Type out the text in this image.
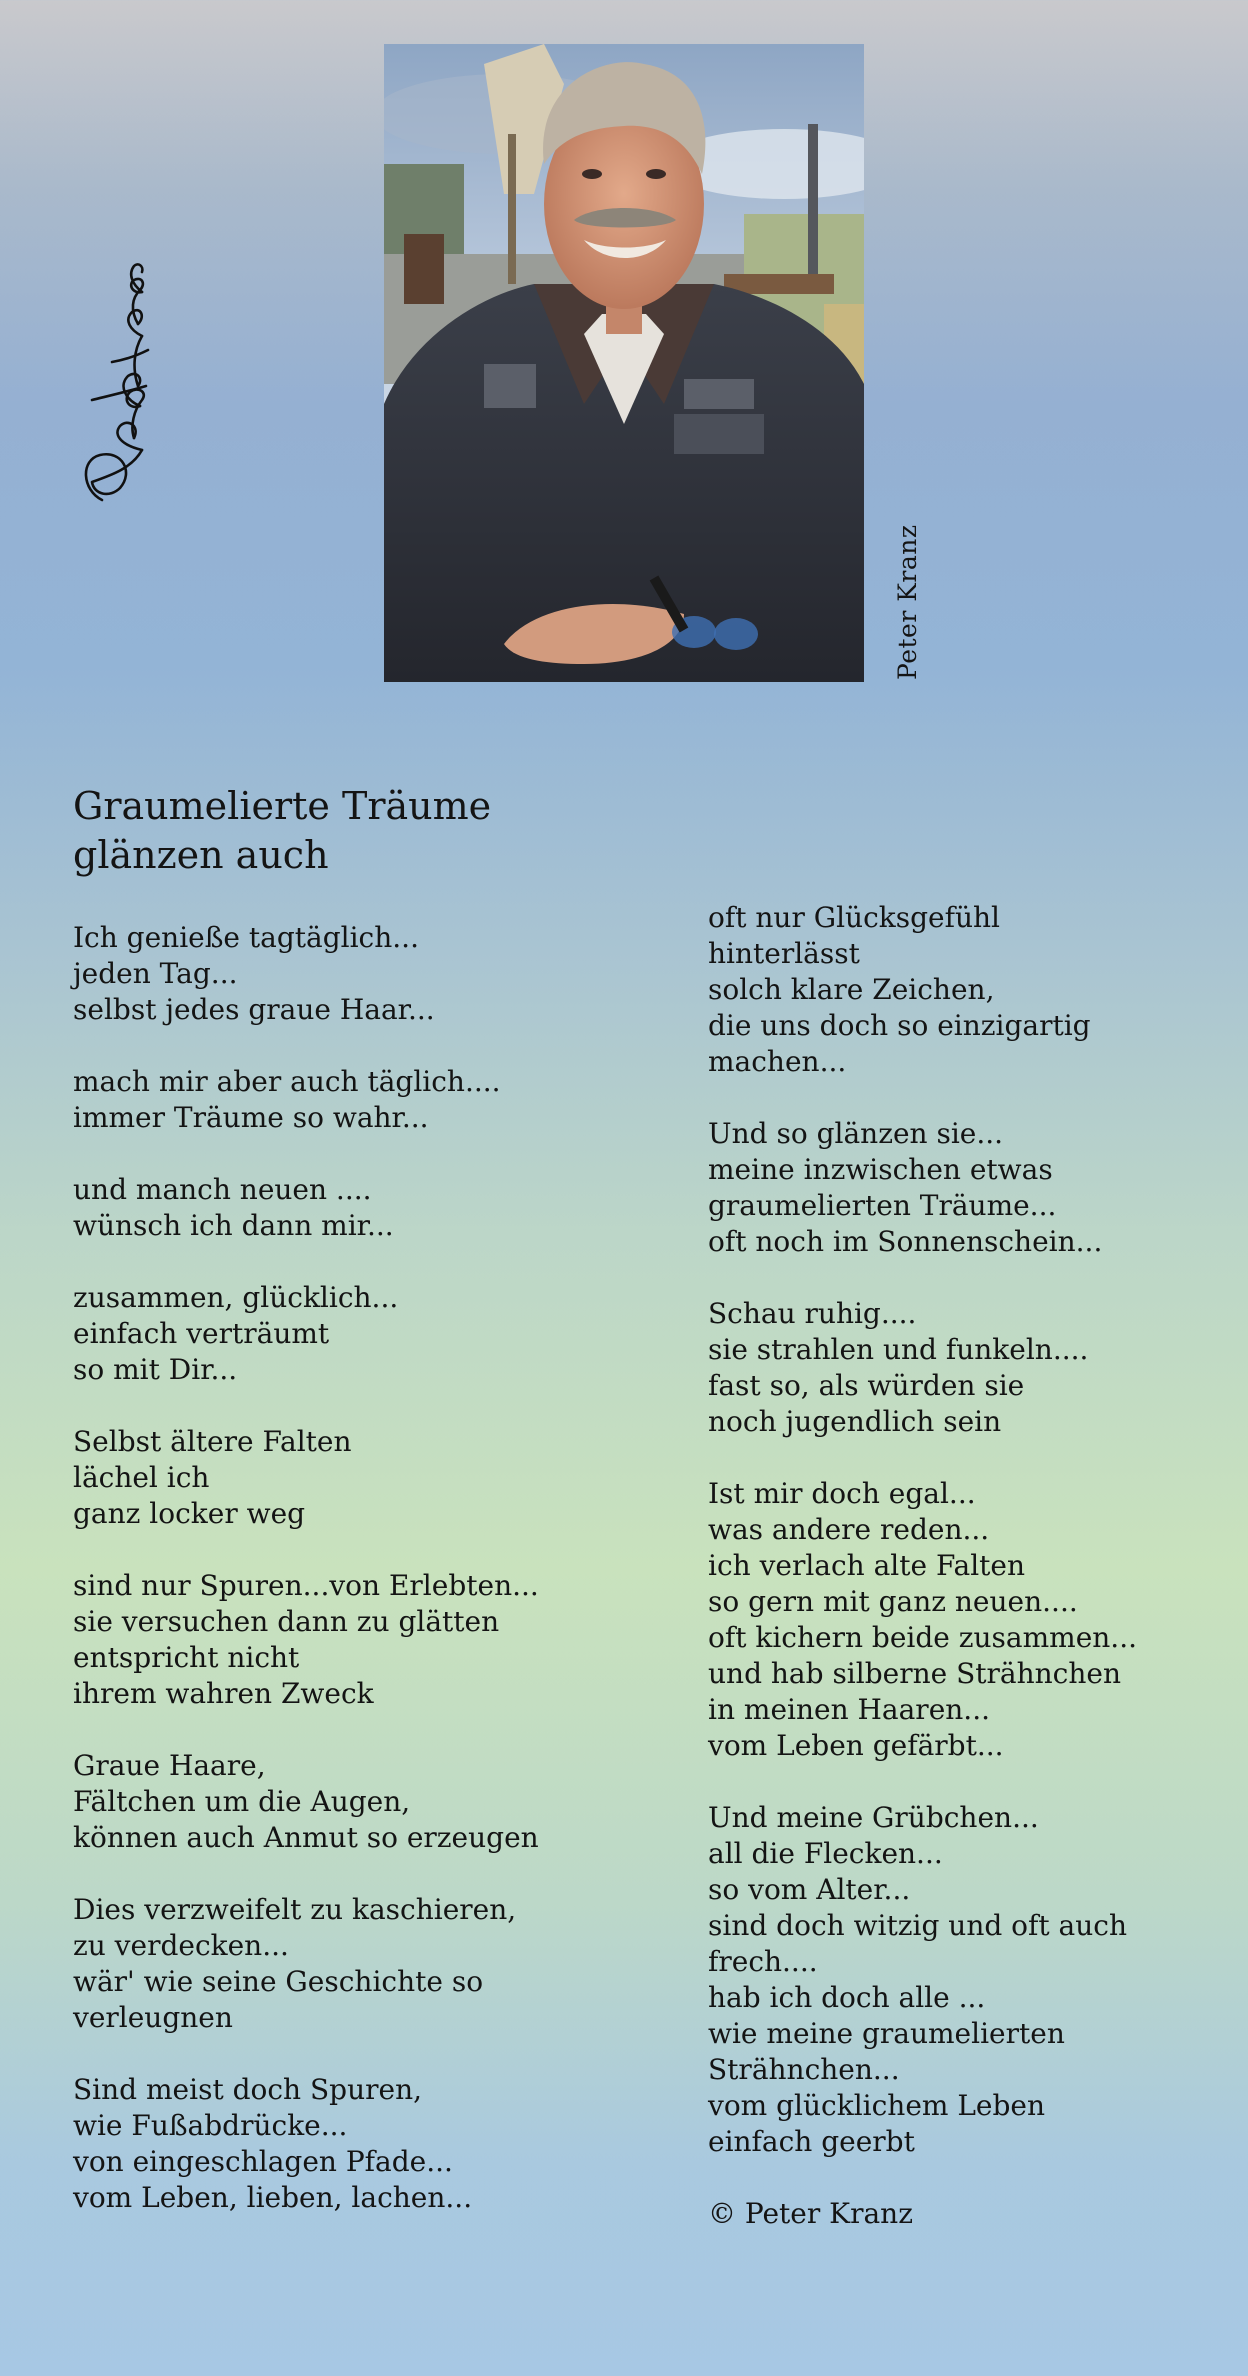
Peter Kranz
Graumelierte Träume
glänzen auch
Ich genieße tagtäglich...
jeden Tag...
selbst jedes graue Haar...
mach mir aber auch täglich....
immer Träume so wahr...
und manch neuen ....
wünsch ich dann mir...
zusammen, glücklich...
einfach verträumt
so mit Dir...
Selbst ältere Falten
lächel ich
ganz locker weg
sind nur Spuren...von Erlebten...
sie versuchen dann zu glätten
entspricht nicht
ihrem wahren Zweck
Graue Haare,
Fältchen um die Augen,
können auch Anmut so erzeugen
Dies verzweifelt zu kaschieren,
zu verdecken...
wär' wie seine Geschichte so
verleugnen
Sind meist doch Spuren,
wie Fußabdrücke...
von eingeschlagen Pfade...
vom Leben, lieben, lachen...
oft nur Glücksgefühl
hinterlässt
solch klare Zeichen,
die uns doch so einzigartig
machen...
Und so glänzen sie...
meine inzwischen etwas
graumelierten Träume...
oft noch im Sonnenschein...
Schau ruhig....
sie strahlen und funkeln....
fast so, als würden sie
noch jugendlich sein
Ist mir doch egal...
was andere reden...
ich verlach alte Falten
so gern mit ganz neuen....
oft kichern beide zusammen...
und hab silberne Strähnchen
in meinen Haaren...
vom Leben gefärbt...
Und meine Grübchen...
all die Flecken...
so vom Alter...
sind doch witzig und oft auch
frech....
hab ich doch alle ...
wie meine graumelierten
Strähnchen...
vom glücklichem Leben
einfach geerbt
© Peter Kranz
